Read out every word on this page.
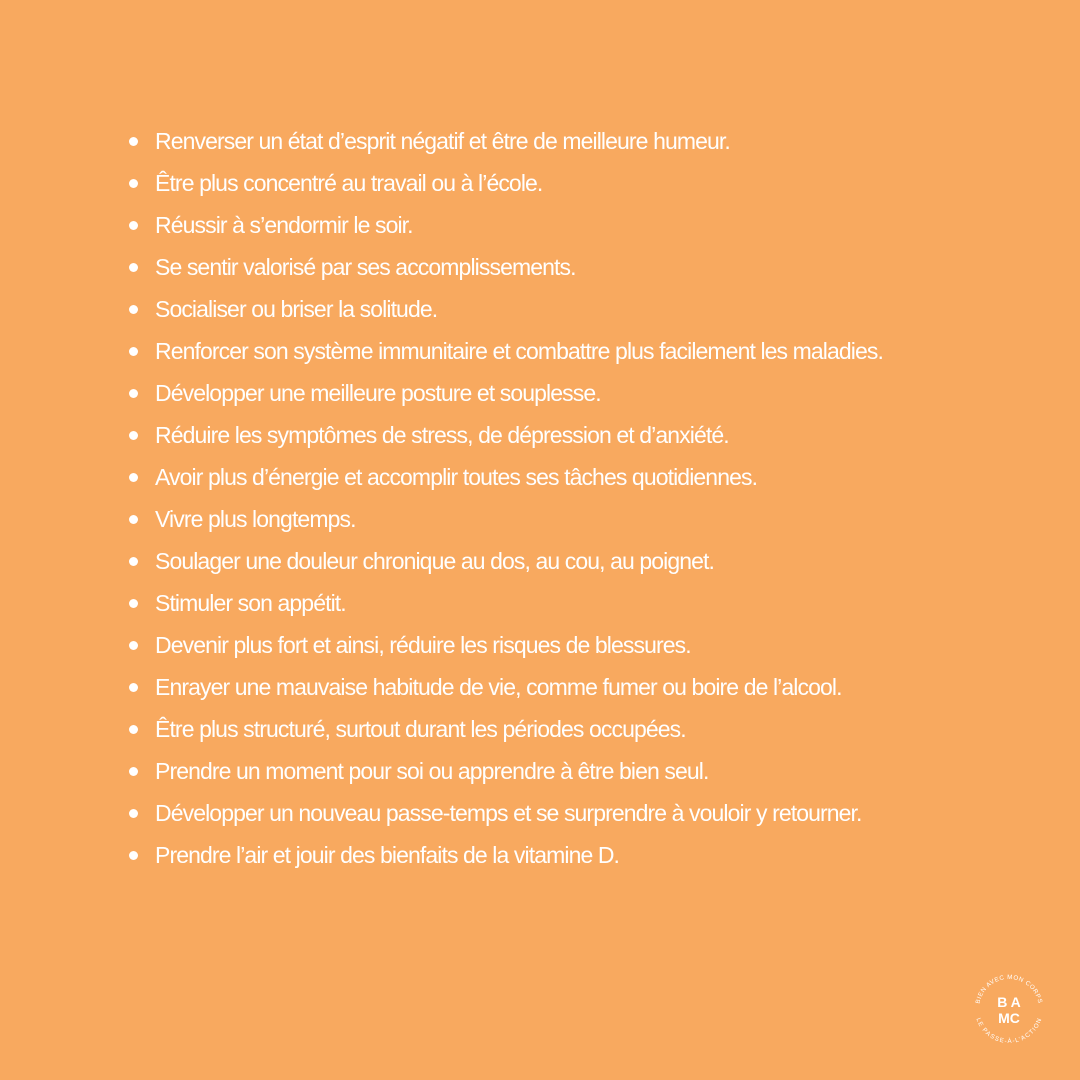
Renverser un état d’esprit négatif et être de meilleure humeur.
Être plus concentré au travail ou à l’école.
Réussir à s’endormir le soir.
Se sentir valorisé par ses accomplissements.
Socialiser ou briser la solitude.
Renforcer son système immunitaire et combattre plus facilement les maladies.
Développer une meilleure posture et souplesse.
Réduire les symptômes de stress, de dépression et d’anxiété.
Avoir plus d’énergie et accomplir toutes ses tâches quotidiennes.
Vivre plus longtemps.
Soulager une douleur chronique au dos, au cou, au poignet.
Stimuler son appétit.
Devenir plus fort et ainsi, réduire les risques de blessures.
Enrayer une mauvaise habitude de vie, comme fumer ou boire de l’alcool.
Être plus structuré, surtout durant les périodes occupées.
Prendre un moment pour soi ou apprendre à être bien seul.
Développer un nouveau passe-temps et se surprendre à vouloir y retourner.
Prendre l’air et jouir des bienfaits de la vitamine D.
BIEN AVEC MON CORPS
LE PASSE-À-L’ACTION
B A
MC
